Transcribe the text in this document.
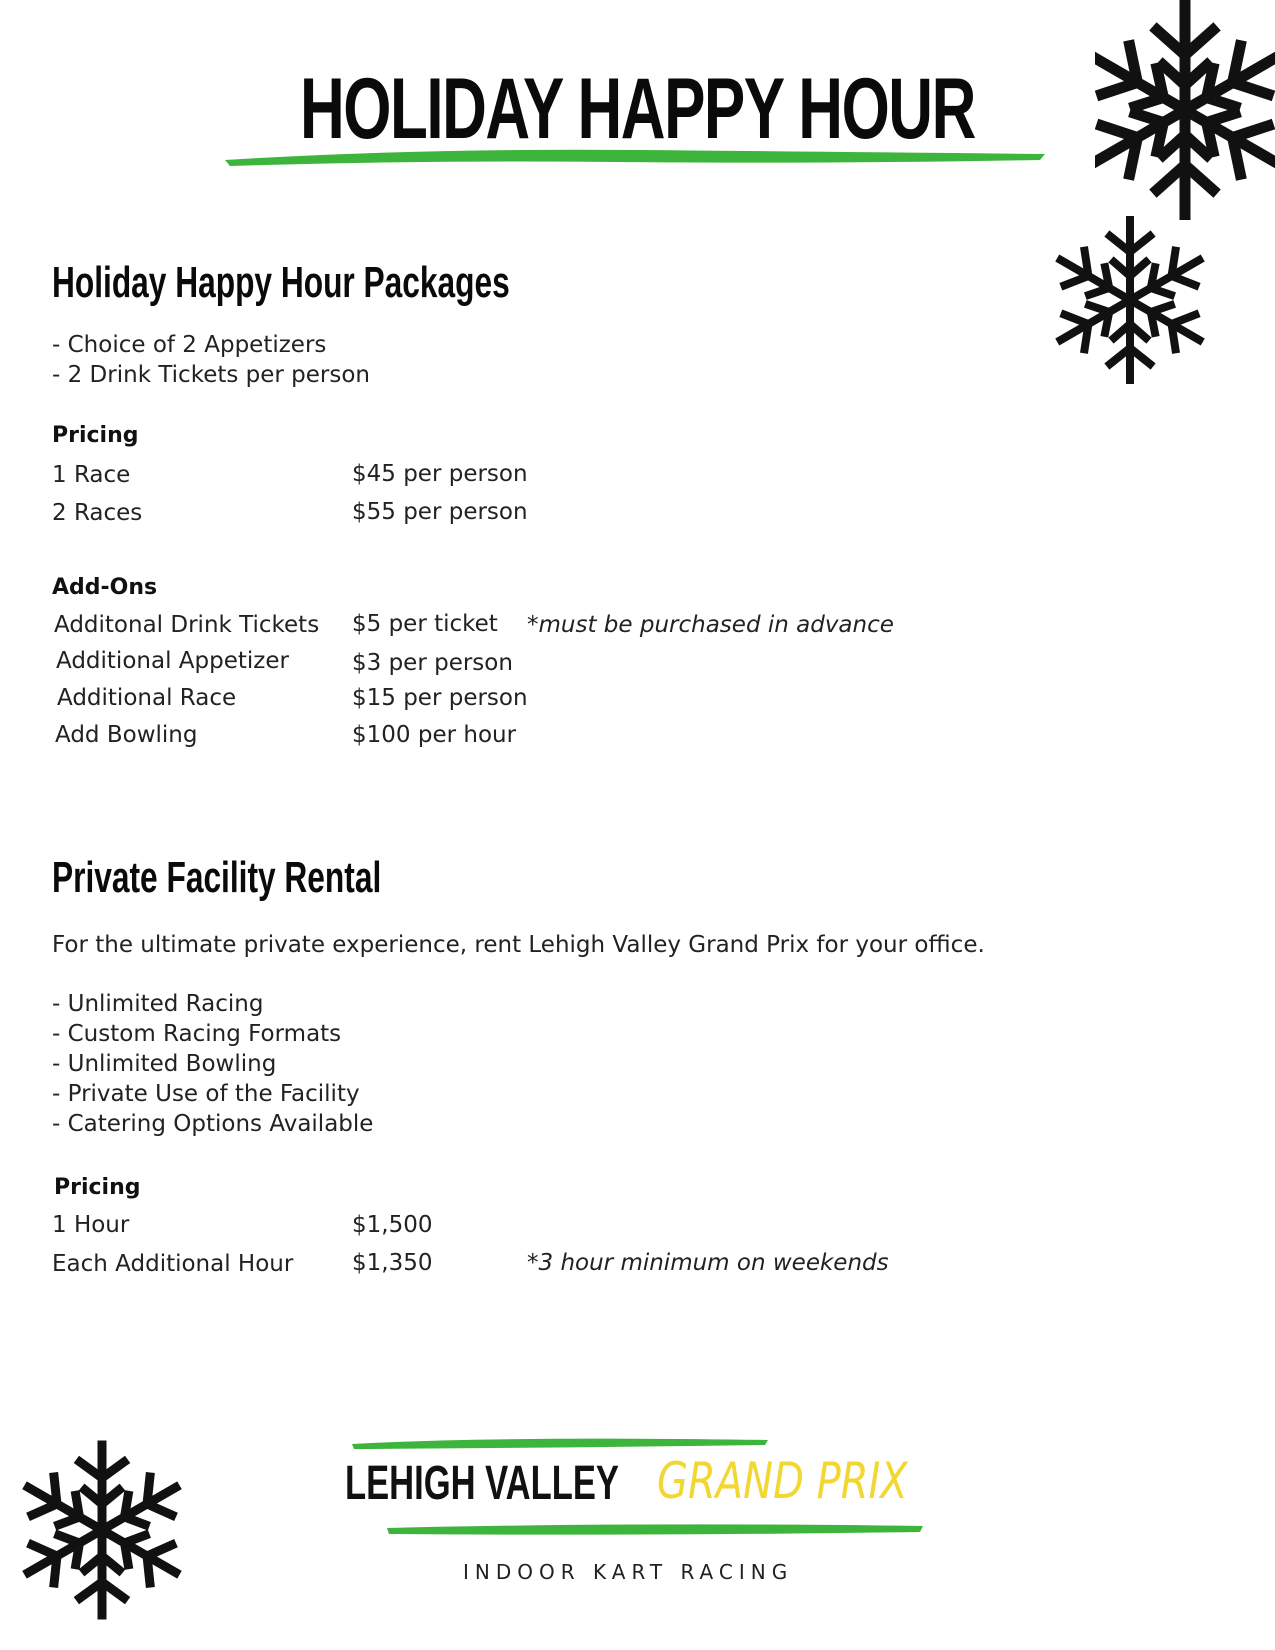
HOLIDAY HAPPY HOUR
Holiday Happy Hour Packages
- Choice of 2 Appetizers
- 2 Drink Tickets per person
Pricing
1 Race	$45 per person
2 Races	$55 per person
Add-Ons
Additonal Drink Tickets $5 per ticket *must be purchased in advance
Additional Appetizer	$3 per person
Additional Race	$15 per person
Add Bowling	$100 per hour
Private Facility Rental
For the ultimate private experience, rent Lehigh Valley Grand Prix for your office.
- Unlimited Racing
- Custom Racing Formats
- Unlimited Bowling
- Private Use of the Facility
- Catering Options Available
Pricing
1 Hour	$1,500
Each Additional Hour	$1,350	*3 hour minimum on weekends
LEHIGH VALLEY GRAND PRIX
INDOOR KART RACING
